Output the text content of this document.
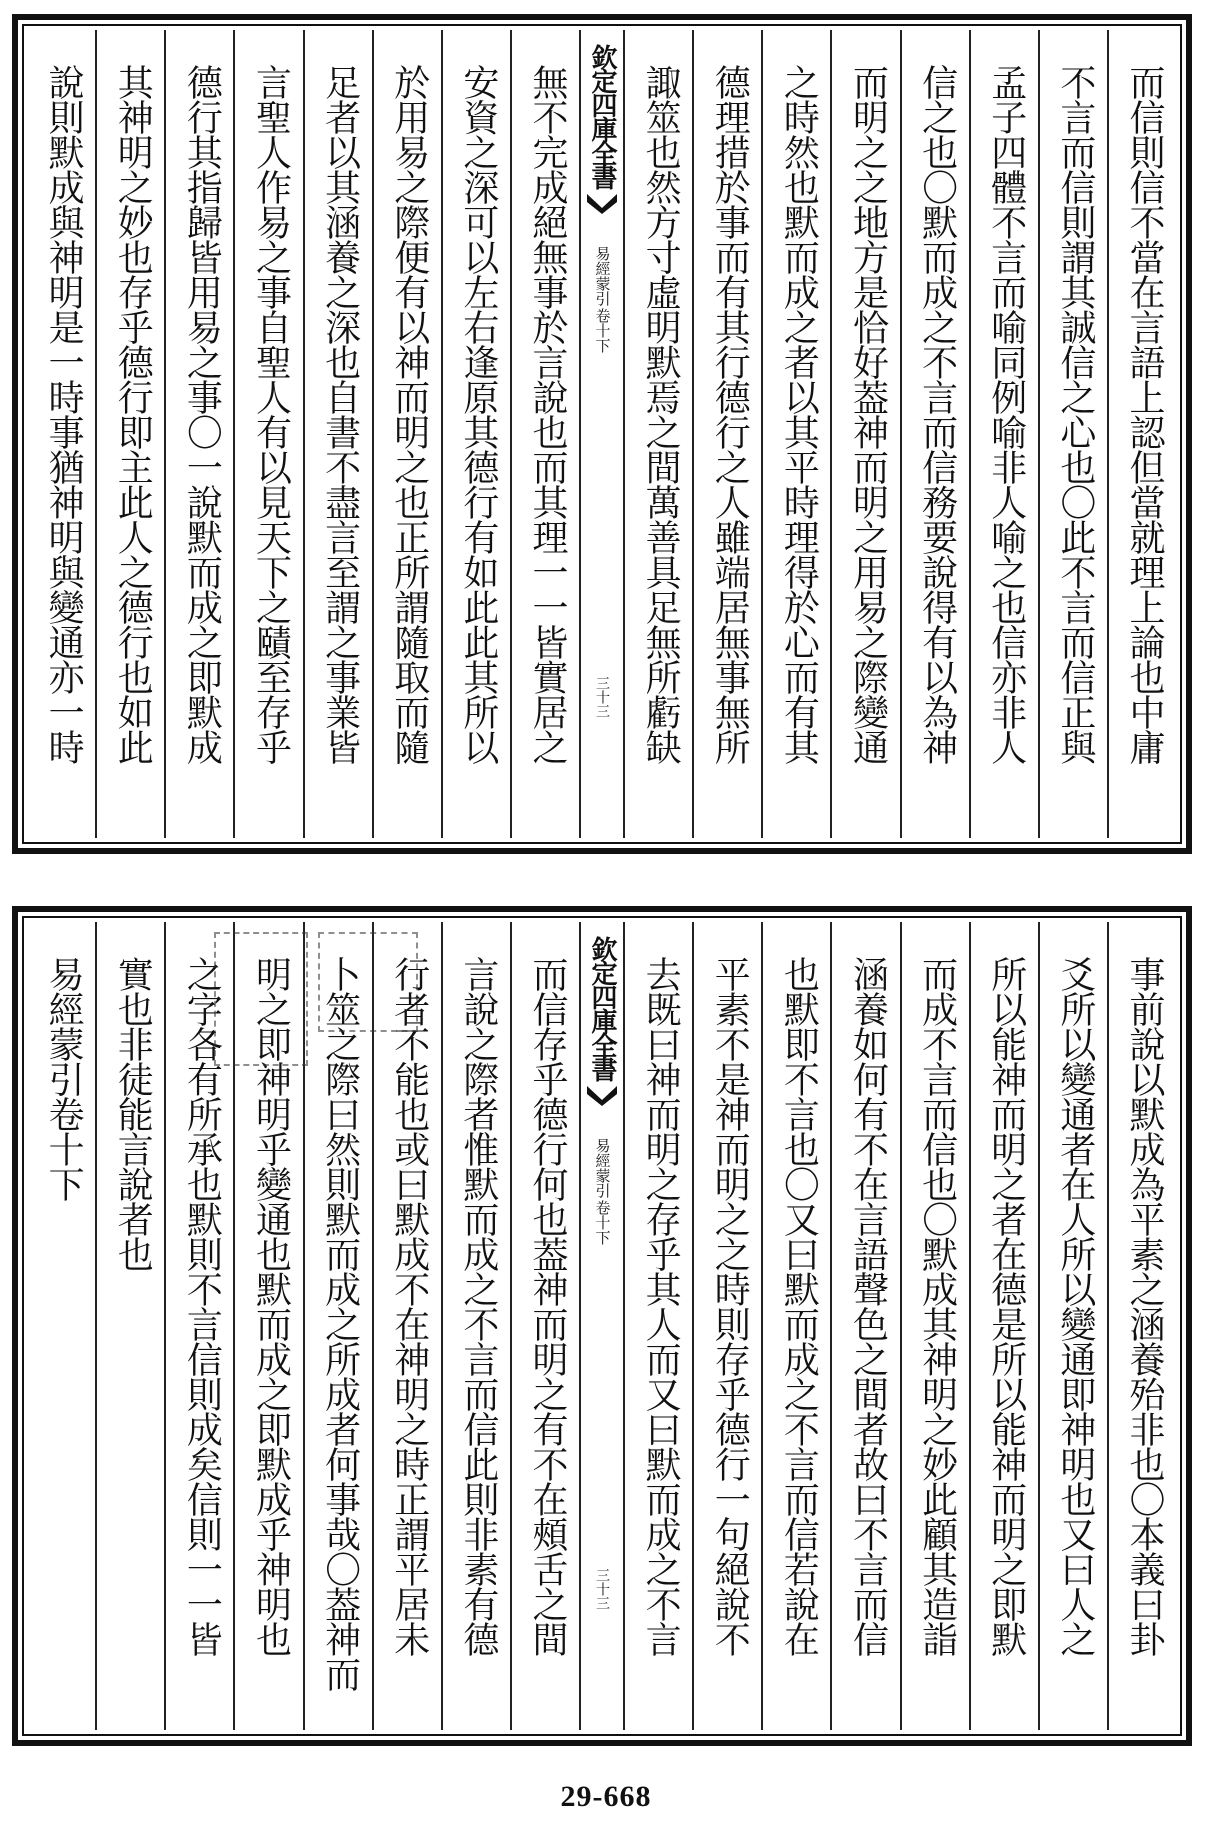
而信則信不當在言語上認但當就理上論也中庸
不言而信則謂其誠信之心也〇此不言而信正與
孟子四體不言而喻同例喻非人喻之也信亦非人
信之也〇默而成之不言而信務要說得有以為神
而明之之地方是恰好葢神而明之用易之際變通
之時然也默而成之者以其平時理得於心而有其
德理措於事而有其行德行之人雖端居無事無所
諏筮也然方寸虛明默焉之間萬善具足無所虧缺
欽定四庫全書
易經蒙引
卷十下
三十三
無不完成絕無事於言說也而其理一一皆實居之
安資之深可以左右逢原其德行有如此此其所以
於用易之際便有以神而明之也正所謂隨取而隨
足者以其涵養之深也自書不盡言至謂之事業皆
言聖人作易之事自聖人有以見天下之賾至存乎
德行其指歸皆用易之事〇一說默而成之即默成
其神明之妙也存乎德行即主此人之德行也如此
說則默成與神明是一時事猶神明與變通亦一時
事前說以默成為平素之涵養殆非也〇本義曰卦
爻所以變通者在人所以變通即神明也又曰人之
所以能神而明之者在德是所以能神而明之即默
而成不言而信也〇默成其神明之妙此顧其造詣
涵養如何有不在言語聲色之間者故曰不言而信
也默即不言也〇又曰默而成之不言而信若說在
平素不是神而明之之時則存乎德行一句絕說不
去既曰神而明之存乎其人而又曰默而成之不言
欽定四庫全書
易經蒙引
卷十下
三十三
而信存乎德行何也葢神而明之有不在頰舌之間
言說之際者惟默而成之不言而信此則非素有德
行者不能也或曰默成不在神明之時正謂平居未
卜筮之際曰然則默而成之所成者何事哉〇葢神而
明之即神明乎變通也默而成之即默成乎神明也
之字各有所承也默則不言信則成矣信則一一皆
實也非徒能言說者也
易經蒙引卷十下
29-668
